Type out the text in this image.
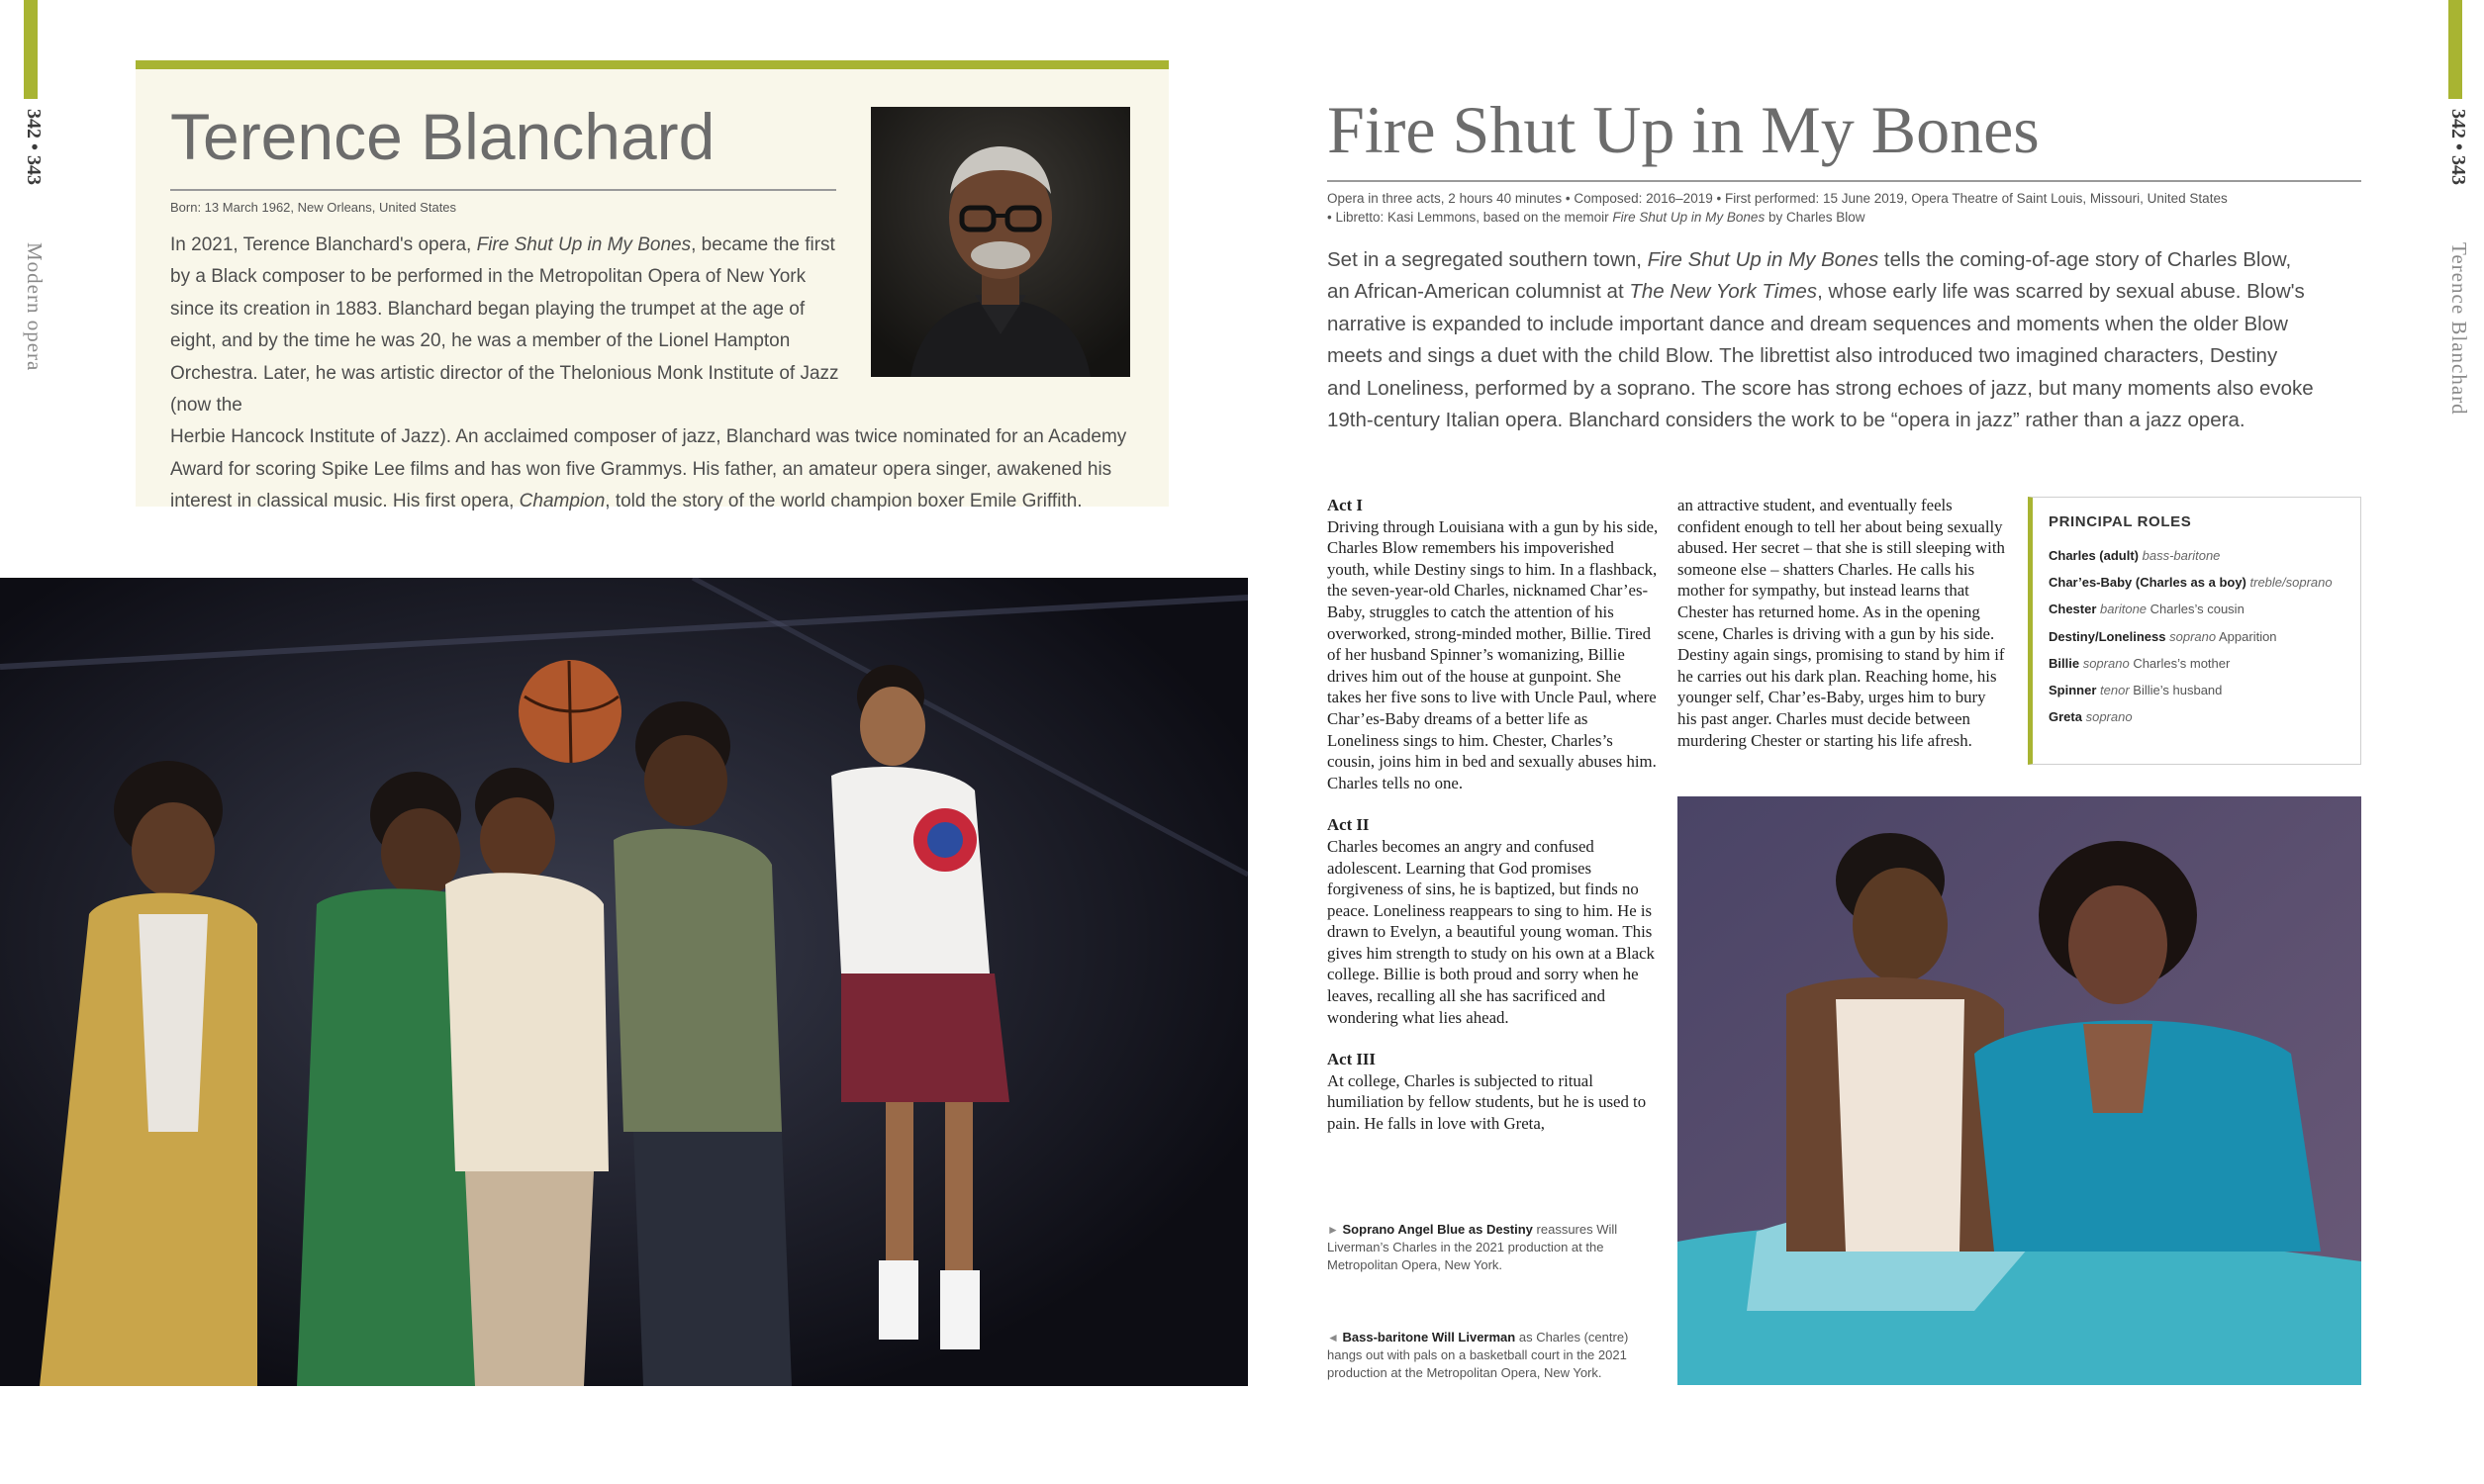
342 • 343
Modern opera
342 • 343
Terence Blanchard
Terence Blanchard
Born: 13 March 1962, New Orleans, United States
In 2021, Terence Blanchard's opera, Fire Shut Up in My Bones, became the first by a Black composer to be performed in the Metropolitan Opera of New York since its creation in 1883. Blanchard began playing the trumpet at the age of eight, and by the time he was 20, he was a member of the Lionel Hampton Orchestra. Later, he was artistic director of the Thelonious Monk Institute of Jazz (now the
Herbie Hancock Institute of Jazz). An acclaimed composer of jazz, Blanchard was twice nominated for an Academy Award for scoring Spike Lee films and has won five Grammys. His father, an amateur opera singer, awakened his interest in classical music. His first opera, Champion, told the story of the world champion boxer Emile Griffith.
Fire Shut Up in My Bones
Opera in three acts, 2 hours 40 minutes • Composed: 2016–2019 • First performed: 15 June 2019, Opera Theatre of Saint Louis, Missouri, United States
• Libretto: Kasi Lemmons, based on the memoir Fire Shut Up in My Bones by Charles Blow
Set in a segregated southern town, Fire Shut Up in My Bones tells the coming-of-age story of Charles Blow, an African-American columnist at The New York Times, whose early life was scarred by sexual abuse. Blow's narrative is expanded to include important dance and dream sequences and moments when the older Blow meets and sings a duet with the child Blow. The librettist also introduced two imagined characters, Destiny and Loneliness, performed by a soprano. The score has strong echoes of jazz, but many moments also evoke 19th-century Italian opera. Blanchard considers the work to be “opera in jazz” rather than a jazz opera.
Act I
Driving through Louisiana with a gun by his side, Charles Blow remembers his impoverished youth, while Destiny sings to him. In a flashback, the seven-year-old Charles, nicknamed Char’es-Baby, struggles to catch the attention of his overworked, strong-minded mother, Billie. Tired of her husband Spinner’s womanizing, Billie drives him out of the house at gunpoint. She takes her five sons to live with Uncle Paul, where Char’es-Baby dreams of a better life as Loneliness sings to him. Chester, Charles’s cousin, joins him in bed and sexually abuses him. Charles tells no one.
Act II
Charles becomes an angry and confused adolescent. Learning that God promises forgiveness of sins, he is baptized, but finds no peace. Loneliness reappears to sing to him. He is drawn to Evelyn, a beautiful young woman. This gives him strength to study on his own at a Black college. Billie is both proud and sorry when he leaves, recalling all she has sacrificed and wondering what lies ahead.
Act III
At college, Charles is subjected to ritual humiliation by fellow students, but he is used to pain. He falls in love with Greta,
an attractive student, and eventually feels confident enough to tell her about being sexually abused. Her secret – that she is still sleeping with someone else – shatters Charles. He calls his mother for sympathy, but instead learns that Chester has returned home. As in the opening scene, Charles is driving with a gun by his side. Destiny again sings, promising to stand by him if he carries out his dark plan. Reaching home, his younger self, Char’es-Baby, urges him to bury his past anger. Charles must decide between murdering Chester or starting his life afresh.
PRINCIPAL ROLES
Charles (adult) bass-baritone
Char’es-Baby (Charles as a boy) treble/soprano
Chester baritone Charles’s cousin
Destiny/Loneliness soprano Apparition
Billie soprano Charles’s mother
Spinner tenor Billie’s husband
Greta soprano
► Soprano Angel Blue as Destiny reassures Will Liverman’s Charles in the 2021 production at the Metropolitan Opera, New York.
◄ Bass-baritone Will Liverman as Charles (centre) hangs out with pals on a basketball court in the 2021 production at the Metropolitan Opera, New York.
